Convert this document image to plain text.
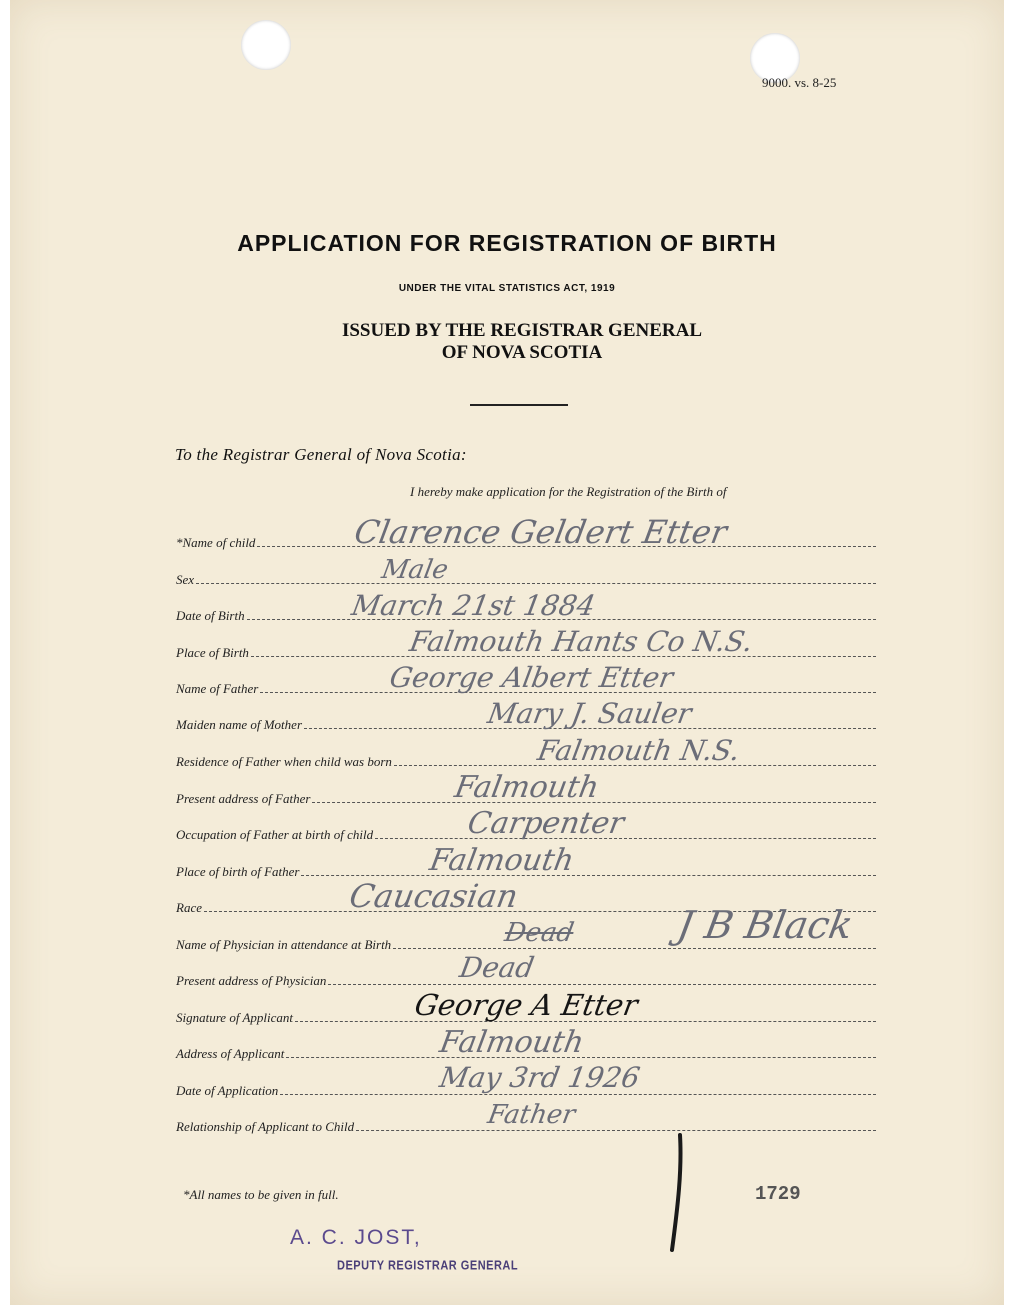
9000. vs. 8-25
APPLICATION FOR REGISTRATION OF BIRTH
UNDER THE VITAL STATISTICS ACT, 1919
ISSUED BY THE REGISTRAR GENERAL
OF NOVA SCOTIA
To the Registrar General of Nova Scotia:
I hereby make application for the Registration of the Birth of
*Name of child
Sex
Date of Birth
Place of Birth
Name of Father
Maiden name of Mother
Residence of Father when child was born
Present address of Father
Occupation of Father at birth of child
Place of birth of Father
Race
Name of Physician in attendance at Birth
Present address of Physician
Signature of Applicant
Address of Applicant
Date of Application
Relationship of Applicant to Child
Clarence Geldert Etter
Male
March 21st 1884
Falmouth Hants Co N.S.
George Albert Etter
Mary J. Sauler
Falmouth N.S.
Falmouth
Carpenter
Falmouth
Caucasian
Dead	J B Black
Dead
George A Etter
Falmouth
May 3rd 1926
Father
*All names to be given in full.	1729
A. C. JOST,
DEPUTY REGISTRAR GENERAL
